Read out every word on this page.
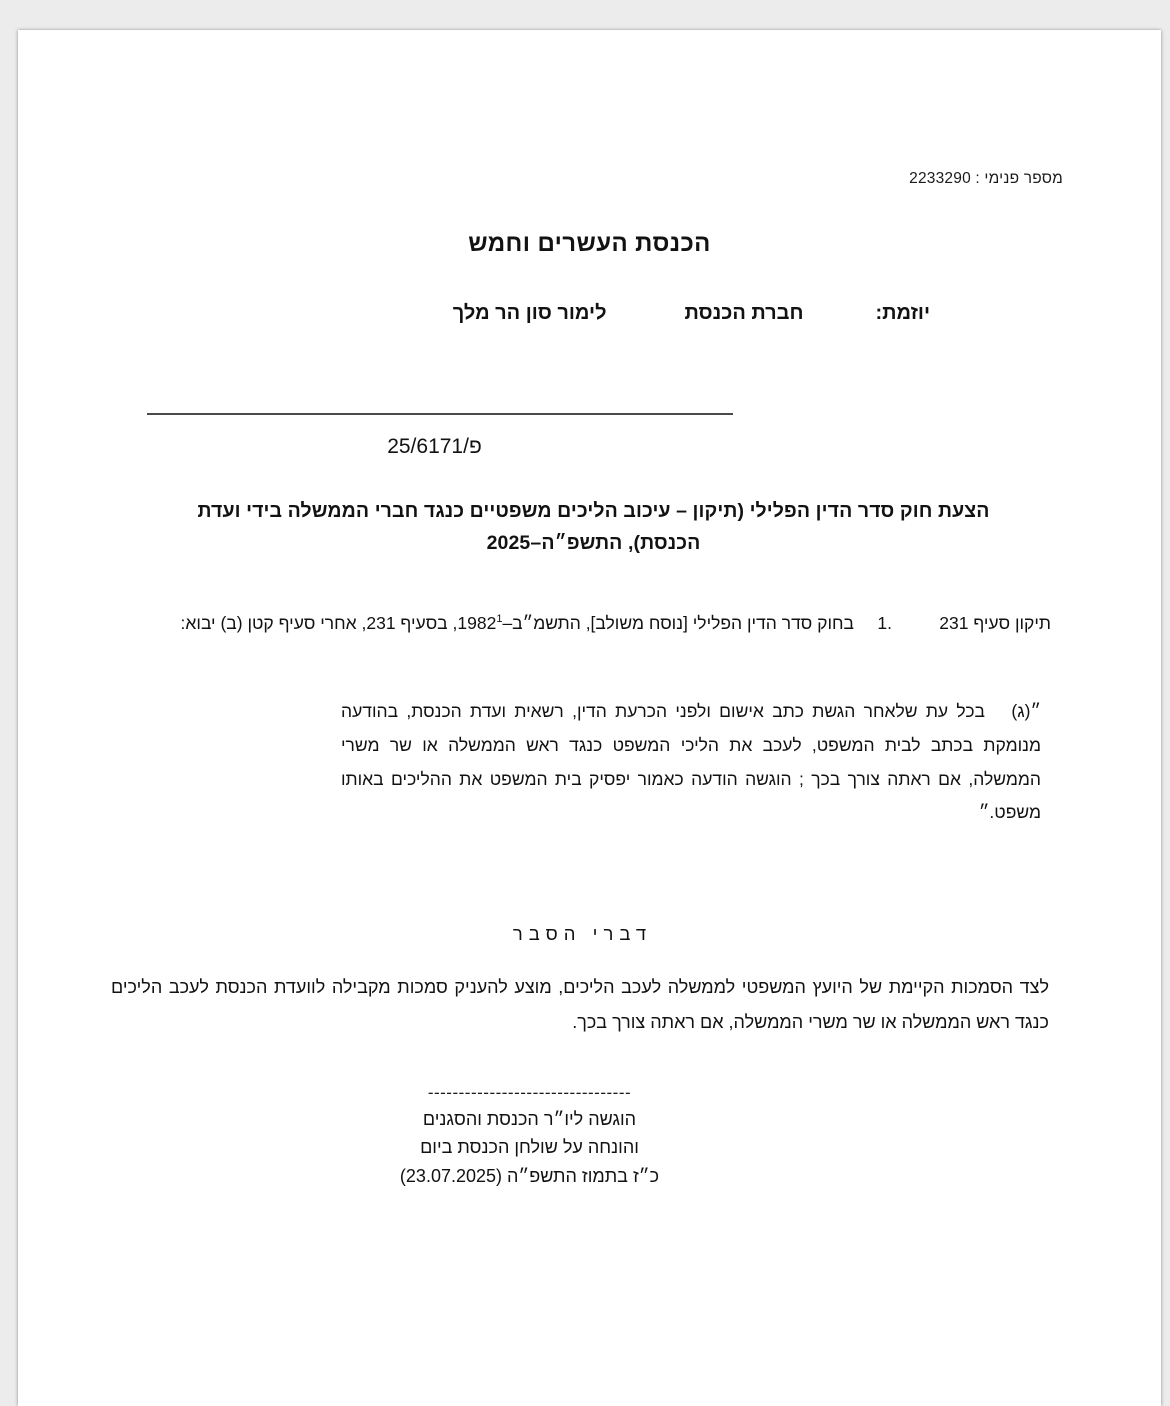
מספר פנימי : 2233290
הכנסת העשרים וחמש
יוזמת:
חברת הכנסת
לימור סון הר מלך
פ/25/6171
הצעת חוק סדר הדין הפלילי (תיקון – עיכוב הליכים משפטיים כנגד חברי הממשלה בידי ועדת הכנסת), התשפ״ה–2025
תיקון סעיף 231
1.
בחוק סדר הדין הפלילי [נוסח משולב], התשמ״ב–1982$^1$, בסעיף 231, אחרי סעיף קטן (ב) יבוא:
״(ג)בכל עת שלאחר הגשת כתב אישום ולפני הכרעת הדין, רשאית ועדת הכנסת, בהודעה מנומקת בכתב לבית המשפט, לעכב את הליכי המשפט כנגד ראש הממשלה או שר משרי הממשלה, אם ראתה צורך בכך ; הוגשה הודעה כאמור יפסיק בית המשפט את ההליכים באותו משפט.״
דברי הסבר
לצד הסמכות הקיימת של היועץ המשפטי לממשלה לעכב הליכים, מוצע להעניק סמכות מקבילה לוועדת הכנסת לעכב הליכים כנגד ראש הממשלה או שר משרי הממשלה, אם ראתה צורך בכך.
---------------------------------
הוגשה ליו״ר הכנסת והסגנים
והונחה על שולחן הכנסת ביום
כ״ז בתמוז התשפ״ה (23.07.2025)
